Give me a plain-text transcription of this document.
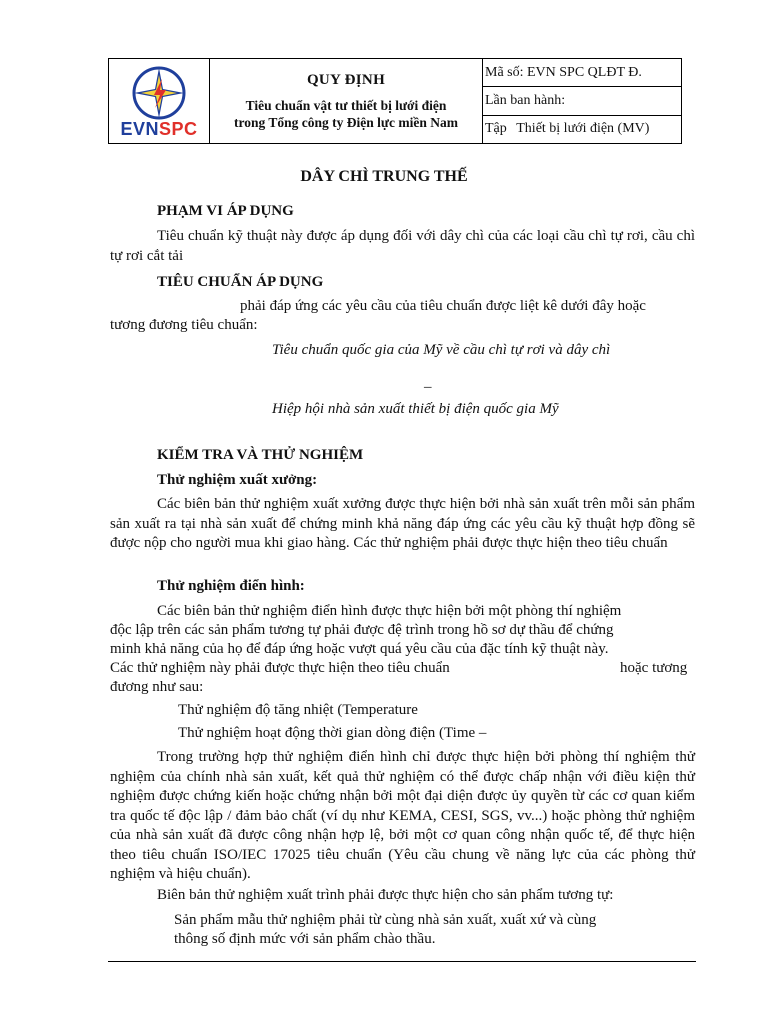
EVNSPC

QUY ĐỊNH
Tiêu chuẩn vật tư thiết bị lưới điện
trong Tổng công ty Điện lực miền Nam
	Mã số: EVN SPC QLĐT Đ.
Lần ban hành:
Tập Thiết bị lưới điện (MV)
DÂY CHÌ TRUNG THẾ
PHẠM VI ÁP DỤNG
Tiêu chuẩn kỹ thuật này được áp dụng đối với dây chì của các loại cầu chì tự rơi, cầu chì tự rơi cắt tải
TIÊU CHUẨN ÁP DỤNG
phải đáp ứng các yêu cầu của tiêu chuẩn được liệt kê dưới đây hoặc
tương đương tiêu chuẩn:
Tiêu chuẩn quốc gia của Mỹ về cầu chì tự rơi và dây chì
–
Hiệp hội nhà sản xuất thiết bị điện quốc gia Mỹ
KIỂM TRA VÀ THỬ NGHIỆM
Thử nghiệm xuất xưởng:
Các biên bản thử nghiệm xuất xưởng được thực hiện bởi nhà sản xuất trên mỗi sản phẩm sản xuất ra tại nhà sản xuất để chứng minh khả năng đáp ứng các yêu cầu kỹ thuật hợp đồng sẽ được nộp cho người mua khi giao hàng. Các thử nghiệm phải được thực hiện theo tiêu chuẩn
Thử nghiệm điển hình:
Các biên bản thử nghiệm điển hình được thực hiện bởi một phòng thí nghiệm
độc lập trên các sản phẩm tương tự phải được đệ trình trong hồ sơ dự thầu để chứng
minh khả năng của họ để đáp ứng hoặc vượt quá yêu cầu của đặc tính kỹ thuật này.
Các thử nghiệm này phải được thực hiện theo tiêu chuẩn	hoặc tương
đương như sau:
Thử nghiệm độ tăng nhiệt (Temperature
Thử nghiệm hoạt động thời gian dòng điện (Time –
Trong trường hợp thử nghiệm điển hình chỉ được thực hiện bởi phòng thí nghiệm thử nghiệm của chính nhà sản xuất, kết quả thử nghiệm có thể được chấp nhận với điều kiện thử nghiệm được chứng kiến hoặc chứng nhận bởi một đại diện được ủy quyền từ các cơ quan kiểm tra quốc tế độc lập / đảm bảo chất (ví dụ như KEMA, CESI, SGS, vv...) hoặc phòng thử nghiệm của nhà sản xuất đã được công nhận hợp lệ, bởi một cơ quan công nhận quốc tế, để thực hiện theo tiêu chuẩn ISO/IEC 17025 tiêu chuẩn (Yêu cầu chung về năng lực của các phòng thử nghiệm và hiệu chuẩn).
Biên bản thử nghiệm xuất trình phải được thực hiện cho sản phẩm tương tự:
Sản phẩm mẫu thử nghiệm phải từ cùng nhà sản xuất, xuất xứ và cùng
thông số định mức với sản phẩm chào thầu.
